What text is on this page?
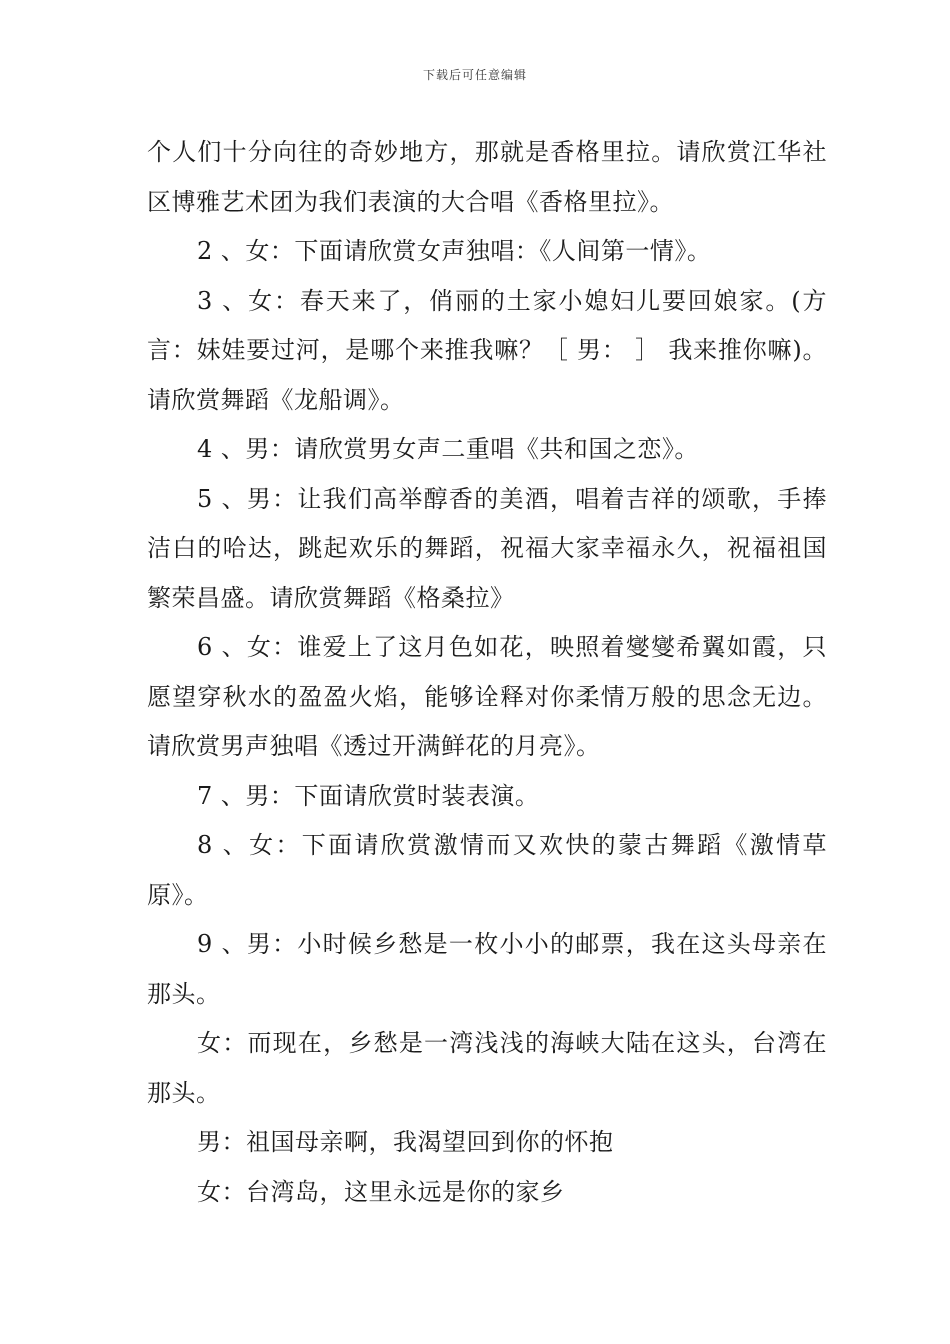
下载后可任意编辑

个人们十分向往的奇妙地方，那就是香格里拉。请欣赏江华社区博雅艺术团为我们表演的大合唱《香格里拉》。

2 、女：下面请欣赏女声独唱：《人间第一情》。

3 、女：春天来了，俏丽的土家小媳妇儿要回娘家。(方言：妹娃要过河，是哪个来推我嘛？［ 男： ］ 我来推你嘛)。请欣赏舞蹈《龙船调》。

4 、男：请欣赏男女声二重唱《共和国之恋》。

5 、男：让我们高举醇香的美酒，唱着吉祥的颂歌，手捧洁白的哈达，跳起欢乐的舞蹈，祝福大家幸福永久，祝福祖国繁荣昌盛。请欣赏舞蹈《格桑拉》

6 、女：谁爱上了这月色如花，映照着燮燮希翼如霞，只愿望穿秋水的盈盈火焰，能够诠释对你柔情万般的思念无边。请欣赏男声独唱《透过开满鲜花的月亮》。

7 、男：下面请欣赏时装表演。

8 、女：下面请欣赏激情而又欢快的蒙古舞蹈《激情草原》。

9 、男：小时候乡愁是一枚小小的邮票，我在这头母亲在那头。

女：而现在，乡愁是一湾浅浅的海峡大陆在这头，台湾在那头。

男：祖国母亲啊，我渴望回到你的怀抱

女：台湾岛，这里永远是你的家乡
